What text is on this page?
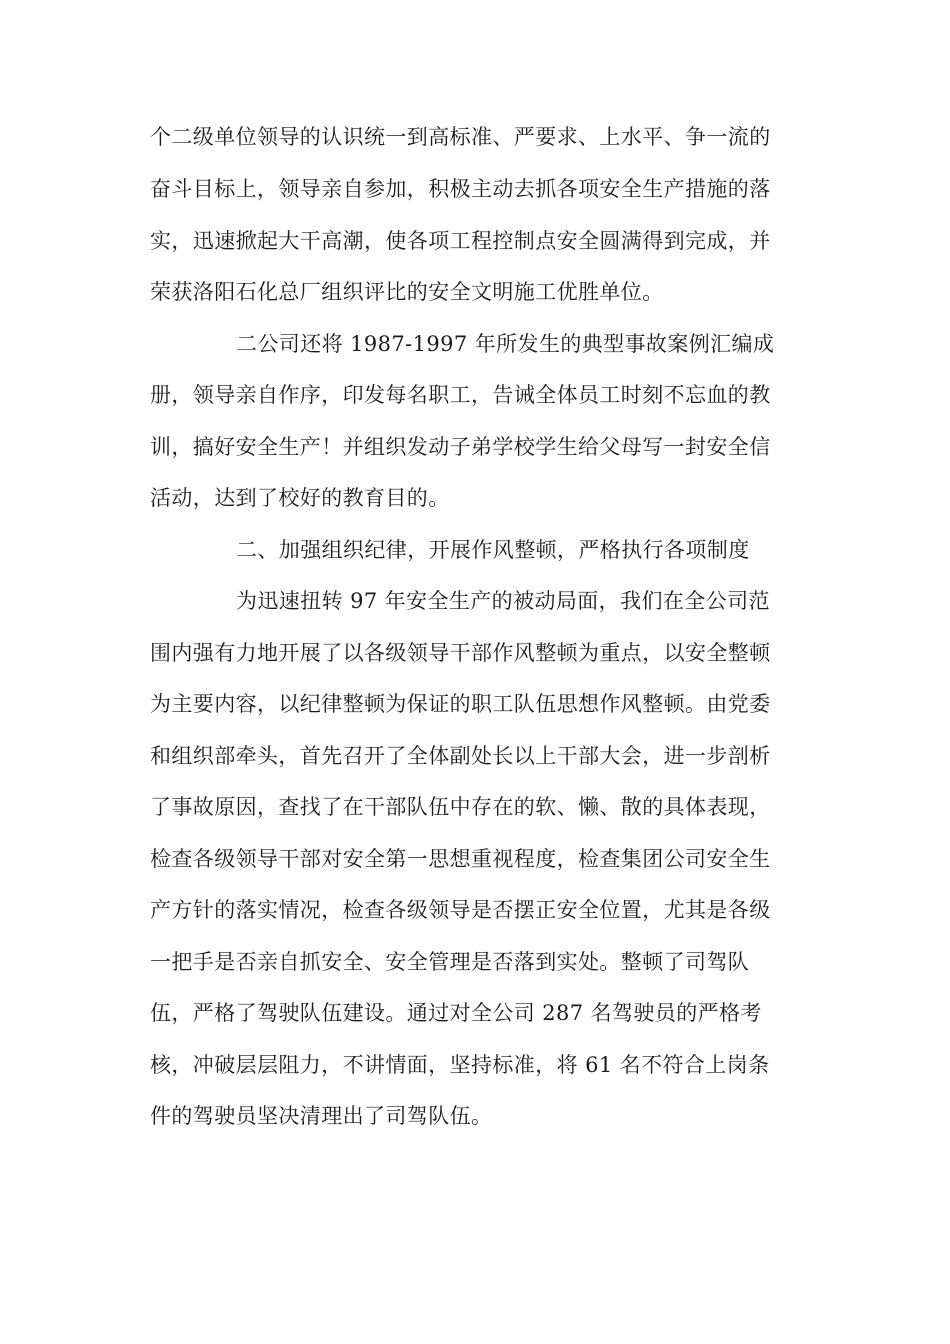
个二级单位领导的认识统一到高标准、严要求、上水平、争一流的
奋斗目标上，领导亲自参加，积极主动去抓各项安全生产措施的落
实，迅速掀起大干高潮，使各项工程控制点安全圆满得到完成，并
荣获洛阳石化总厂组织评比的安全文明施工优胜单位。
二公司还将 1987-1997 年所发生的典型事故案例汇编成
册，领导亲自作序，印发每名职工，告诫全体员工时刻不忘血的教
训，搞好安全生产！并组织发动子弟学校学生给父母写一封安全信
活动，达到了校好的教育目的。
二、加强组织纪律，开展作风整顿，严格执行各项制度
为迅速扭转 97 年安全生产的被动局面，我们在全公司范
围内强有力地开展了以各级领导干部作风整顿为重点，以安全整顿
为主要内容，以纪律整顿为保证的职工队伍思想作风整顿。由党委
和组织部牵头，首先召开了全体副处长以上干部大会，进一步剖析
了事故原因，查找了在干部队伍中存在的软、懒、散的具体表现，
检查各级领导干部对安全第一思想重视程度，检查集团公司安全生
产方针的落实情况，检查各级领导是否摆正安全位置，尤其是各级
一把手是否亲自抓安全、安全管理是否落到实处。整顿了司驾队
伍，严格了驾驶队伍建设。通过对全公司 287 名驾驶员的严格考
核，冲破层层阻力，不讲情面，坚持标准，将 61 名不符合上岗条
件的驾驶员坚决清理出了司驾队伍。
